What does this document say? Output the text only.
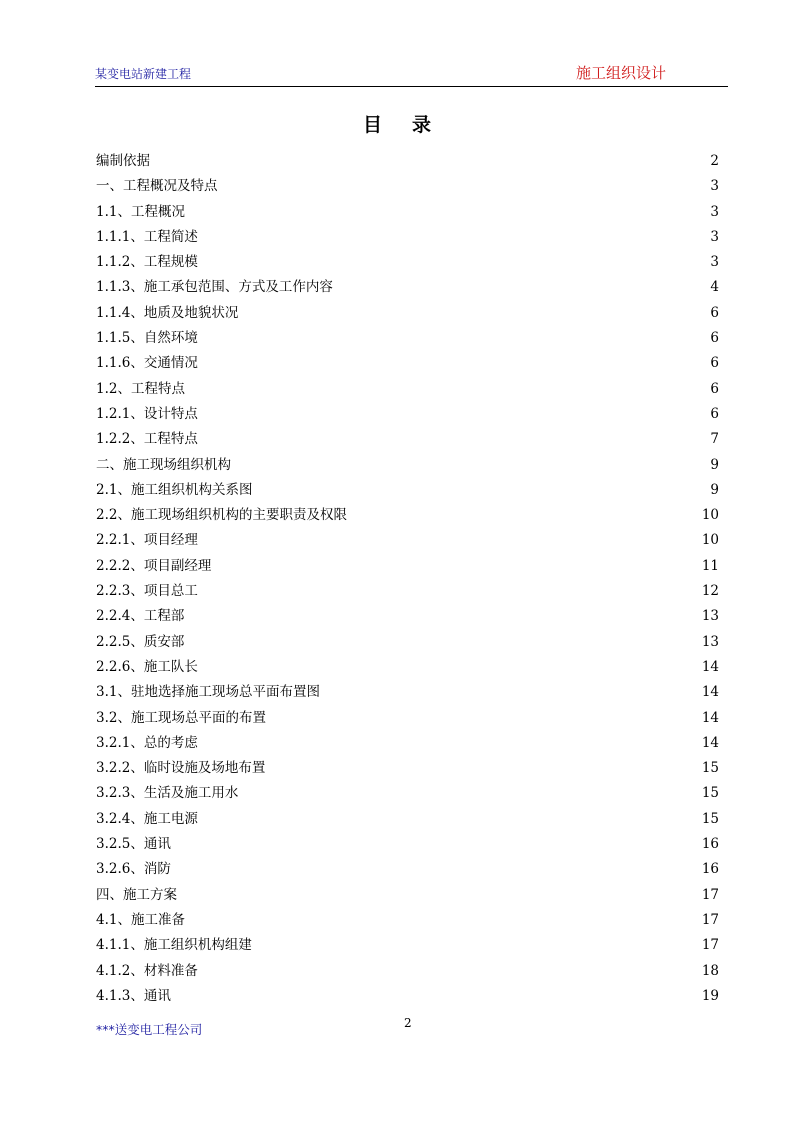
某变电站新建工程	施工组织设计
目录
编制依据	2
一、工程概况及特点	3
1.1、工程概况	3
1.1.1、工程简述	3
1.1.2、工程规模	3
1.1.3、施工承包范围、方式及工作内容	4
1.1.4、地质及地貌状况	6
1.1.5、自然环境	6
1.1.6、交通情况	6
1.2、工程特点	6
1.2.1、设计特点	6
1.2.2、工程特点	7
二、施工现场组织机构	9
2.1、施工组织机构关系图	9
2.2、施工现场组织机构的主要职责及权限	10
2.2.1、项目经理	10
2.2.2、项目副经理	11
2.2.3、项目总工	12
2.2.4、工程部	13
2.2.5、质安部	13
2.2.6、施工队长	14
3.1、驻地选择施工现场总平面布置图	14
3.2、施工现场总平面的布置	14
3.2.1、总的考虑	14
3.2.2、临时设施及场地布置	15
3.2.3、生活及施工用水	15
3.2.4、施工电源	15
3.2.5、通讯	16
3.2.6、消防	16
四、施工方案	17
4.1、施工准备	17
4.1.1、施工组织机构组建	17
4.1.2、材料准备	18
4.1.3、通讯	19
***送变电工程公司	2
